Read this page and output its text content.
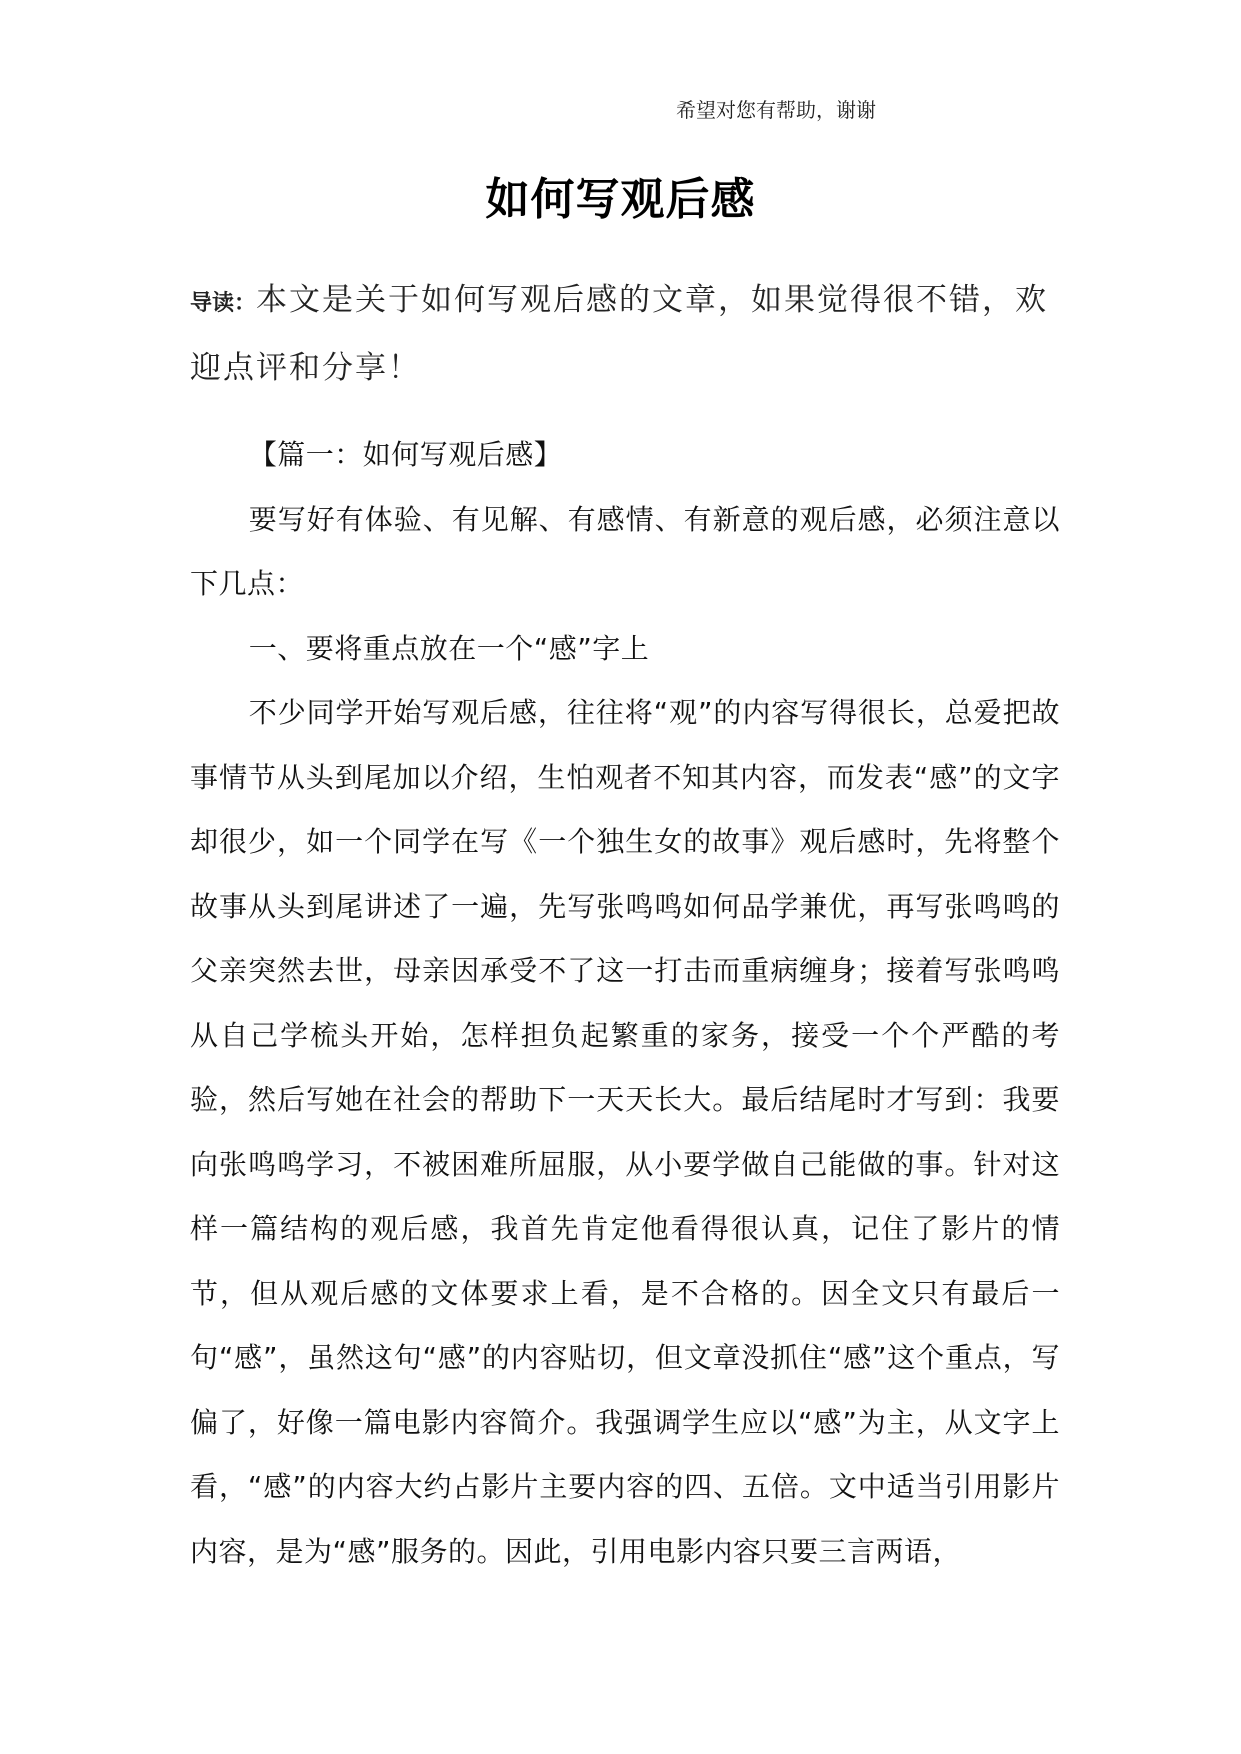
希望对您有帮助，谢谢
如何写观后感
导读：本文是关于如何写观后感的文章，如果觉得很不错，欢迎点评和分享！

【篇一：如何写观后感】

要写好有体验、有见解、有感情、有新意的观后感，必须注意以下几点：

一、要将重点放在一个“感”字上

不少同学开始写观后感，往往将“观”的内容写得很长，总爱把故事情节从头到尾加以介绍，生怕观者不知其内容，而发表“感”的文字却很少，如一个同学在写《一个独生女的故事》观后感时，先将整个故事从头到尾讲述了一遍，先写张鸣鸣如何品学兼优，再写张鸣鸣的父亲突然去世，母亲因承受不了这一打击而重病缠身；接着写张鸣鸣从自己学梳头开始，怎样担负起繁重的家务，接受一个个严酷的考验，然后写她在社会的帮助下一天天长大。最后结尾时才写到：我要向张鸣鸣学习，不被困难所屈服，从小要学做自己能做的事。针对这样一篇结构的观后感，我首先肯定他看得很认真，记住了影片的情节，但从观后感的文体要求上看，是不合格的。因全文只有最后一句“感”，虽然这句“感”的内容贴切，但文章没抓住“感”这个重点，写偏了，好像一篇电影内容简介。我强调学生应以“感”为主，从文字上看，“感”的内容大约占影片主要内容的四、五倍。文中适当引用影片内容，是为“感”服务的。因此，引用电影内容只要三言两语，
